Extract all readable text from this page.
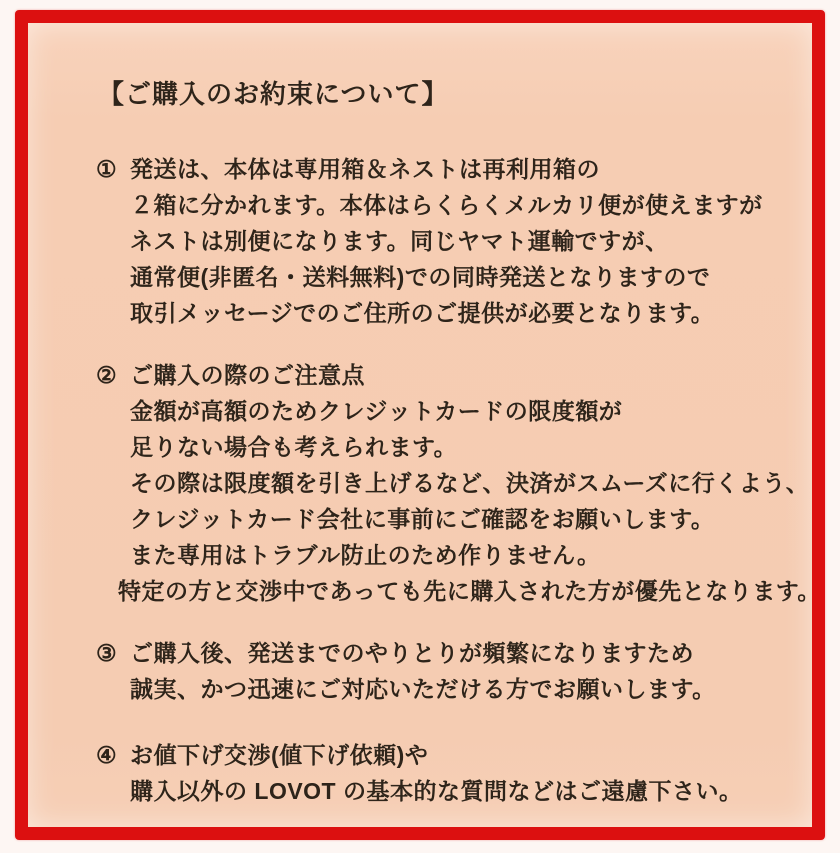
【ご購入のお約束について】
① 発送は、本体は専用箱＆ネストは再利用箱の
２箱に分かれます。本体はらくらくメルカリ便が使えますが
ネストは別便になります。同じヤマト運輸ですが、
通常便(非匿名・送料無料)での同時発送となりますので
取引メッセージでのご住所のご提供が必要となります。
② ご購入の際のご注意点
金額が高額のためクレジットカードの限度額が
足りない場合も考えられます。
その際は限度額を引き上げるなど、決済がスムーズに行くよう、
クレジットカード会社に事前にご確認をお願いします。
また専用はトラブル防止のため作りません。
特定の方と交渉中であっても先に購入された方が優先となります。
③ ご購入後、発送までのやりとりが頻繁になりますため
誠実、かつ迅速にご対応いただける方でお願いします。
④ お値下げ交渉(値下げ依頼)や
購入以外の LOVOT の基本的な質問などはご遠慮下さい。
